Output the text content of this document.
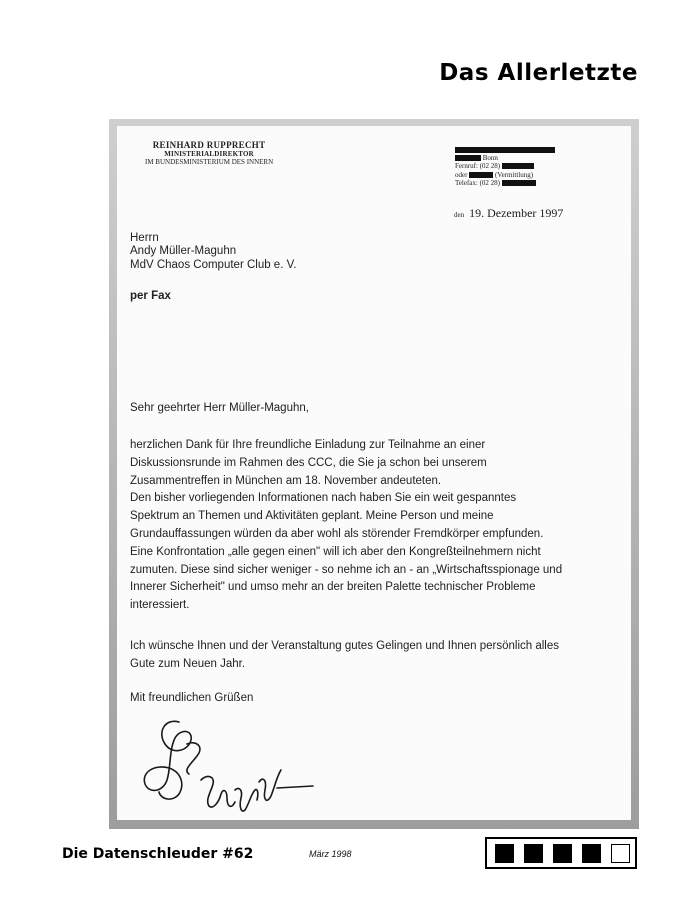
Das Allerletzte
REINHARD RUPPRECHT
MINISTERIALDIREKTOR
IM BUNDESMINISTERIUM DES INNERN	Bonn
Fernruf: (02 28)
oder	(Vermittlung)
Telefax: (02 28)
den 19. Dezember 1997
Herrn
Andy Müller-Maguhn
MdV Chaos Computer Club e. V.
per Fax
Sehr geehrter Herr Müller-Maguhn,
herzlichen Dank für Ihre freundliche Einladung zur Teilnahme an einer
Diskussionsrunde im Rahmen des CCC, die Sie ja schon bei unserem
Zusammentreffen in München am 18. November andeuteten.
Den bisher vorliegenden Informationen nach haben Sie ein weit gespanntes
Spektrum an Themen und Aktivitäten geplant. Meine Person und meine
Grundauffassungen würden da aber wohl als störender Fremdkörper empfunden.
Eine Konfrontation „alle gegen einen" will ich aber den Kongreßteilnehmern nicht
zumuten. Diese sind sicher weniger - so nehme ich an - an „Wirtschaftsspionage und
Innerer Sicherheit" und umso mehr an der breiten Palette technischer Probleme
interessiert.
Ich wünsche Ihnen und der Veranstaltung gutes Gelingen und Ihnen persönlich alles
Gute zum Neuen Jahr.
Mit freundlichen Grüßen
Die Datenschleuder #62	März 1998
